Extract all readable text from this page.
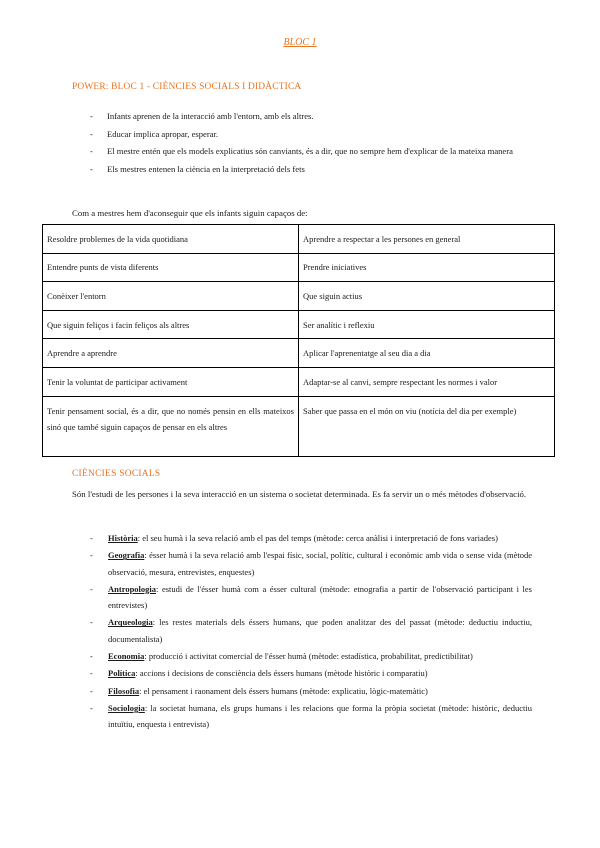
BLOC 1
POWER: BLOC 1 - CIÈNCIES SOCIALS I DIDÀCTICA
- Infants aprenen de la interacció amb l'entorn, amb els altres.
- Educar implica apropar, esperar.
- El mestre entén que els models explicatius són canviants, és a dir, que no sempre hem d'explicar de la mateixa manera
- Els mestres entenen la ciència en la interpretació dels fets
Com a mestres hem d'aconseguir que els infants siguin capaços de:
Resoldre problemes de la vida quotidiana	Aprendre a respectar a les persones en general
Entendre punts de vista diferents	Prendre iniciatives
Conèixer l'entorn	Que siguin actius
Que siguin feliços i facin feliços als altres	Ser analític i reflexiu
Aprendre a aprendre	Aplicar l'aprenentatge al seu dia a dia
Tenir la voluntat de participar activament	Adaptar-se al canvi, sempre respectant les normes i valor
Tenir pensament social, és a dir, que no només pensin en ells mateixos sinó que també siguin capaços de pensar en els altres	Saber que passa en el món on viu (notícia del dia per exemple)
CIÈNCIES SOCIALS
Són l'estudi de les persones i la seva interacció en un sistema o societat determinada. Es fa servir un o més mètodes d'observació.
- Història: el seu humà i la seva relació amb el pas del temps (mètode: cerca anàlisi i interpretació de fons variades)
- Geografia: ésser humà i la seva relació amb l'espai físic, social, polític, cultural i econòmic amb vida o sense vida (mètode observació, mesura, entrevistes, enquestes)
- Antropologia: estudi de l'ésser humà com a ésser cultural (mètode: etnografia a partir de l'observació participant i les entrevistes)
- Arqueologia: les restes materials dels éssers humans, que poden analitzar des del passat (mètode: deductiu inductiu, documentalista)
- Economia: producció i activitat comercial de l'ésser humà (mètode: estadística, probabilitat, predictibilitat)
- Política: accions i decisions de consciència dels éssers humans (mètode històric i comparatiu)
- Filosofia: el pensament i raonament dels éssers humans (mètode: explicatiu, lògic-matemàtic)
- Sociologia: la societat humana, els grups humans i les relacions que forma la pròpia societat (mètode: històric, deductiu intuïtiu, enquesta i entrevista)
